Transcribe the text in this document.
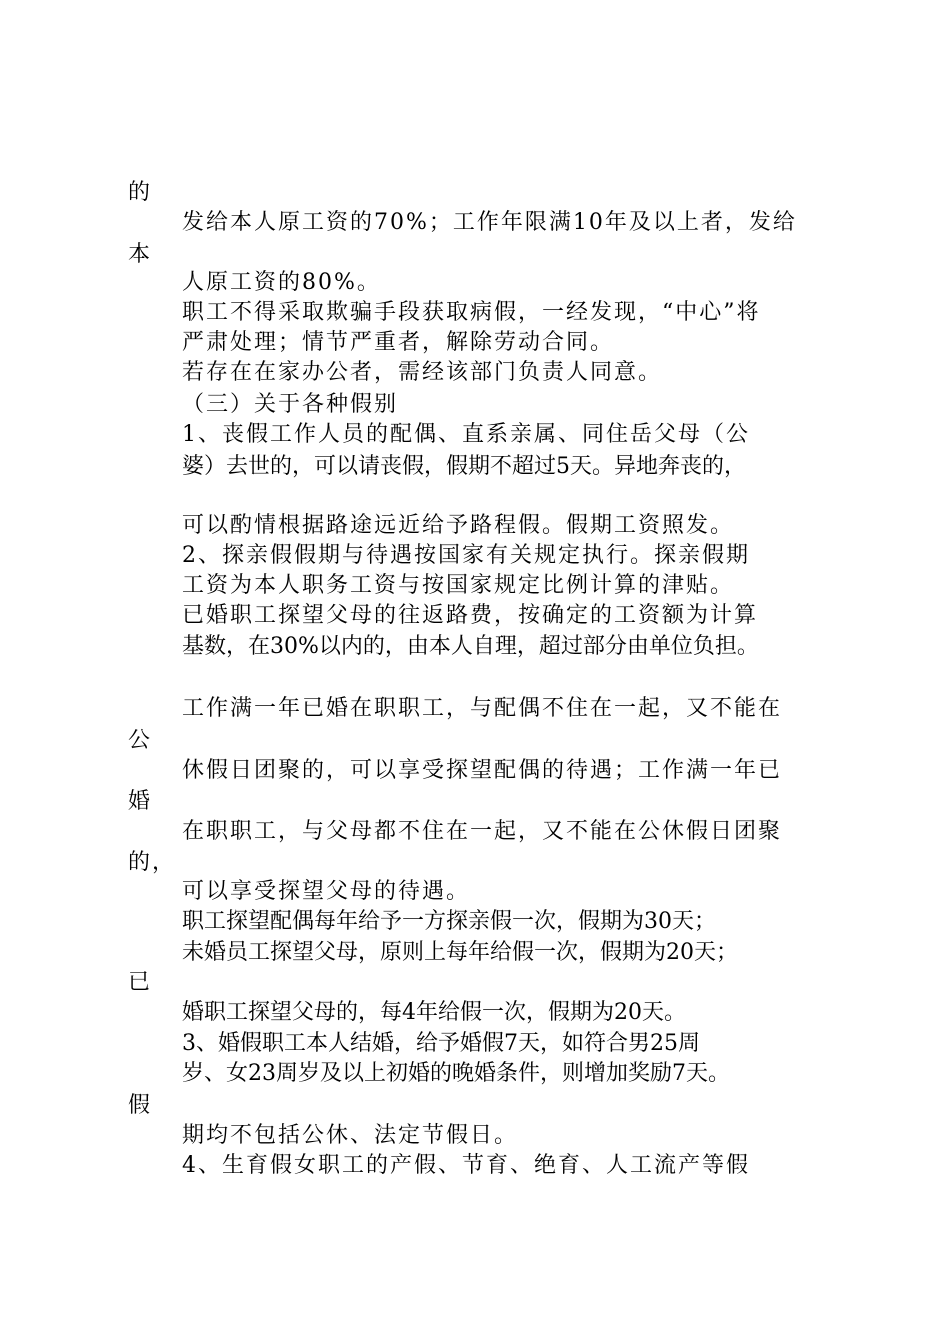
的
发给本人原工资的70%；工作年限满10年及以上者，发给
本
人原工资的80%。
职工不得采取欺骗手段获取病假，一经发现，“中心”将
严肃处理；情节严重者，解除劳动合同。
若存在在家办公者，需经该部门负责人同意。
（三）关于各种假别
1、丧假工作人员的配偶、直系亲属、同住岳父母（公
婆）去世的，可以请丧假，假期不超过5天。异地奔丧的，
可以酌情根据路途远近给予路程假。假期工资照发。
2、探亲假假期与待遇按国家有关规定执行。探亲假期
工资为本人职务工资与按国家规定比例计算的津贴。
已婚职工探望父母的往返路费，按确定的工资额为计算
基数，在30%以内的，由本人自理，超过部分由单位负担。
工作满一年已婚在职职工，与配偶不住在一起，又不能在
公
休假日团聚的，可以享受探望配偶的待遇；工作满一年已
婚
在职职工，与父母都不住在一起，又不能在公休假日团聚
的，
可以享受探望父母的待遇。
职工探望配偶每年给予一方探亲假一次，假期为30天；
未婚员工探望父母，原则上每年给假一次，假期为20天；
已
婚职工探望父母的，每4年给假一次，假期为20天。
3、婚假职工本人结婚，给予婚假7天，如符合男25周
岁、女23周岁及以上初婚的晚婚条件，则增加奖励7天。
假
期均不包括公休、法定节假日。
4、生育假女职工的产假、节育、绝育、人工流产等假
